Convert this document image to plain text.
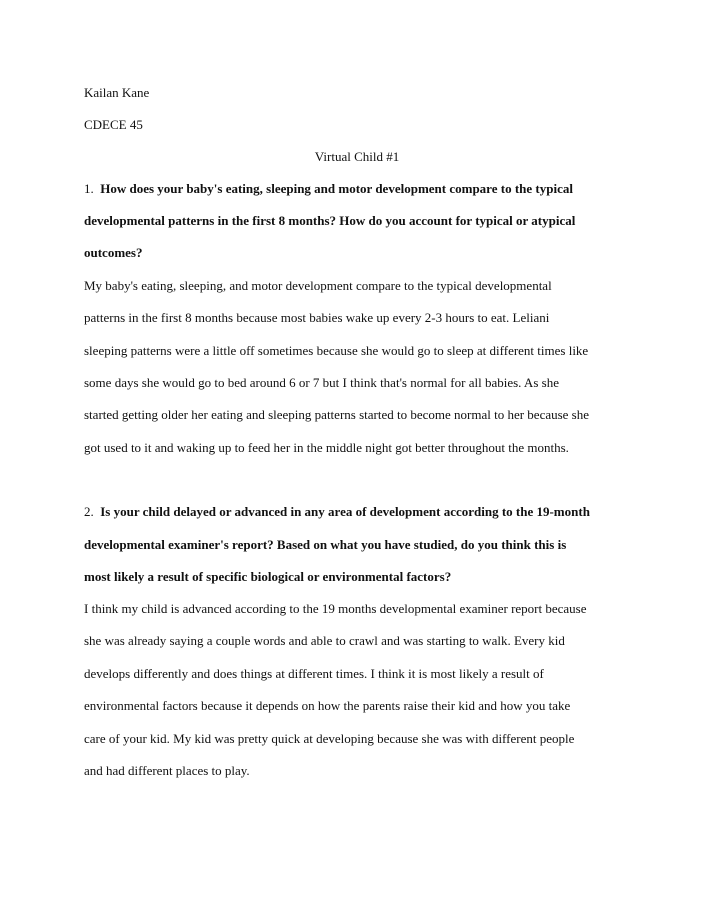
Kailan Kane
CDECE 45
Virtual Child #1
1. How does your baby's eating, sleeping and motor development compare to the typical
developmental patterns in the first 8 months? How do you account for typical or atypical
outcomes?
My baby's eating, sleeping, and motor development compare to the typical developmental
patterns in the first 8 months because most babies wake up every 2-3 hours to eat. Leliani
sleeping patterns were a little off sometimes because she would go to sleep at different times like
some days she would go to bed around 6 or 7 but I think that's normal for all babies. As she
started getting older her eating and sleeping patterns started to become normal to her because she
got used to it and waking up to feed her in the middle night got better throughout the months.
2. Is your child delayed or advanced in any area of development according to the 19-month
developmental examiner's report? Based on what you have studied, do you think this is
most likely a result of specific biological or environmental factors?
I think my child is advanced according to the 19 months developmental examiner report because
she was already saying a couple words and able to crawl and was starting to walk. Every kid
develops differently and does things at different times. I think it is most likely a result of
environmental factors because it depends on how the parents raise their kid and how you take
care of your kid. My kid was pretty quick at developing because she was with different people
and had different places to play.
